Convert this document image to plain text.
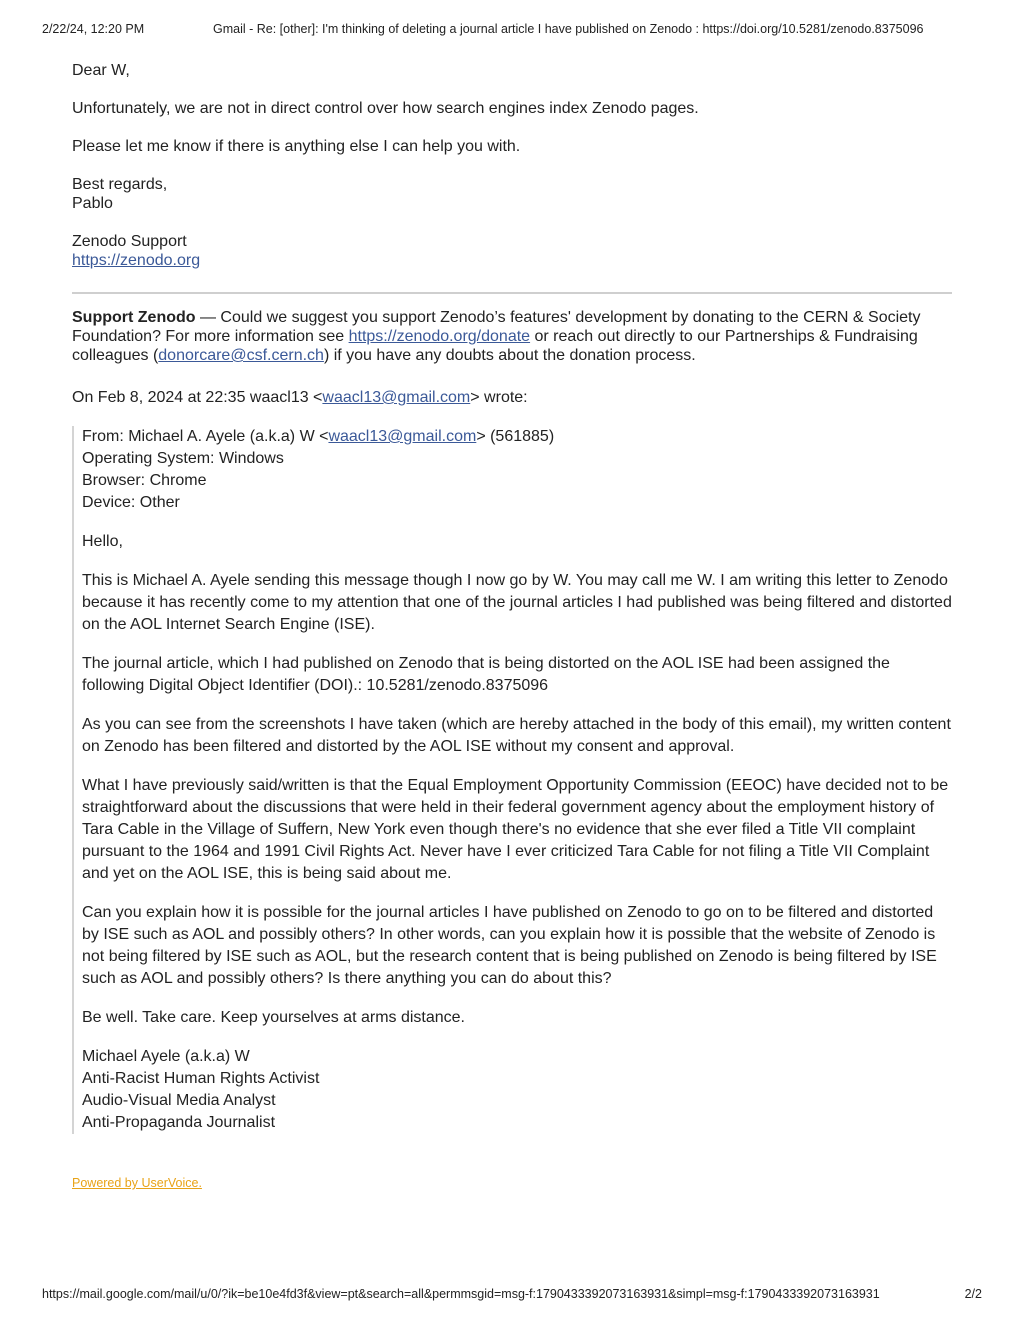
2/22/24, 12:20 PM	Gmail - Re: [other]: I'm thinking of deleting a journal article I have published on Zenodo : https://doi.org/10.5281/zenodo.8375096

Dear W,

Unfortunately, we are not in direct control over how search engines index Zenodo pages.

Please let me know if there is anything else I can help you with.

Best regards,

Pablo

Zenodo Support

https://zenodo.org

Support Zenodo — Could we suggest you support Zenodo’s features' development by donating to the CERN & Society Foundation? For more information see https://zenodo.org/donate or reach out directly to our Partnerships & Fundraising colleagues (donorcare@csf.cern.ch) if you have any doubts about the donation process.

On Feb 8, 2024 at 22:35 waacl13 <waacl13@gmail.com> wrote:

From: Michael A. Ayele (a.k.a) W <waacl13@gmail.com> (561885)

Operating System: Windows

Browser: Chrome

Device: Other

Hello,

This is Michael A. Ayele sending this message though I now go by W. You may call me W. I am writing this letter to Zenodo because it has recently come to my attention that one of the journal articles I had published was being filtered and distorted on the AOL Internet Search Engine (ISE).

The journal article, which I had published on Zenodo that is being distorted on the AOL ISE had been assigned the following Digital Object Identifier (DOI).: 10.5281/zenodo.8375096

As you can see from the screenshots I have taken (which are hereby attached in the body of this email), my written content on Zenodo has been filtered and distorted by the AOL ISE without my consent and approval.

What I have previously said/written is that the Equal Employment Opportunity Commission (EEOC) have decided not to be straightforward about the discussions that were held in their federal government agency about the employment history of Tara Cable in the Village of Suffern, New York even though there's no evidence that she ever filed a Title VII complaint pursuant to the 1964 and 1991 Civil Rights Act. Never have I ever criticized Tara Cable for not filing a Title VII Complaint and yet on the AOL ISE, this is being said about me.

Can you explain how it is possible for the journal articles I have published on Zenodo to go on to be filtered and distorted by ISE such as AOL and possibly others? In other words, can you explain how it is possible that the website of Zenodo is not being filtered by ISE such as AOL, but the research content that is being published on Zenodo is being filtered by ISE such as AOL and possibly others? Is there anything you can do about this?

Be well. Take care. Keep yourselves at arms distance.

Michael Ayele (a.k.a) W

Anti-Racist Human Rights Activist

Audio-Visual Media Analyst

Anti-Propaganda Journalist

Powered by UserVoice.
https://mail.google.com/mail/u/0/?ik=be10e4fd3f&view=pt&search=all&permmsgid=msg-f:1790433392073163931&simpl=msg-f:1790433392073163931	2/2
